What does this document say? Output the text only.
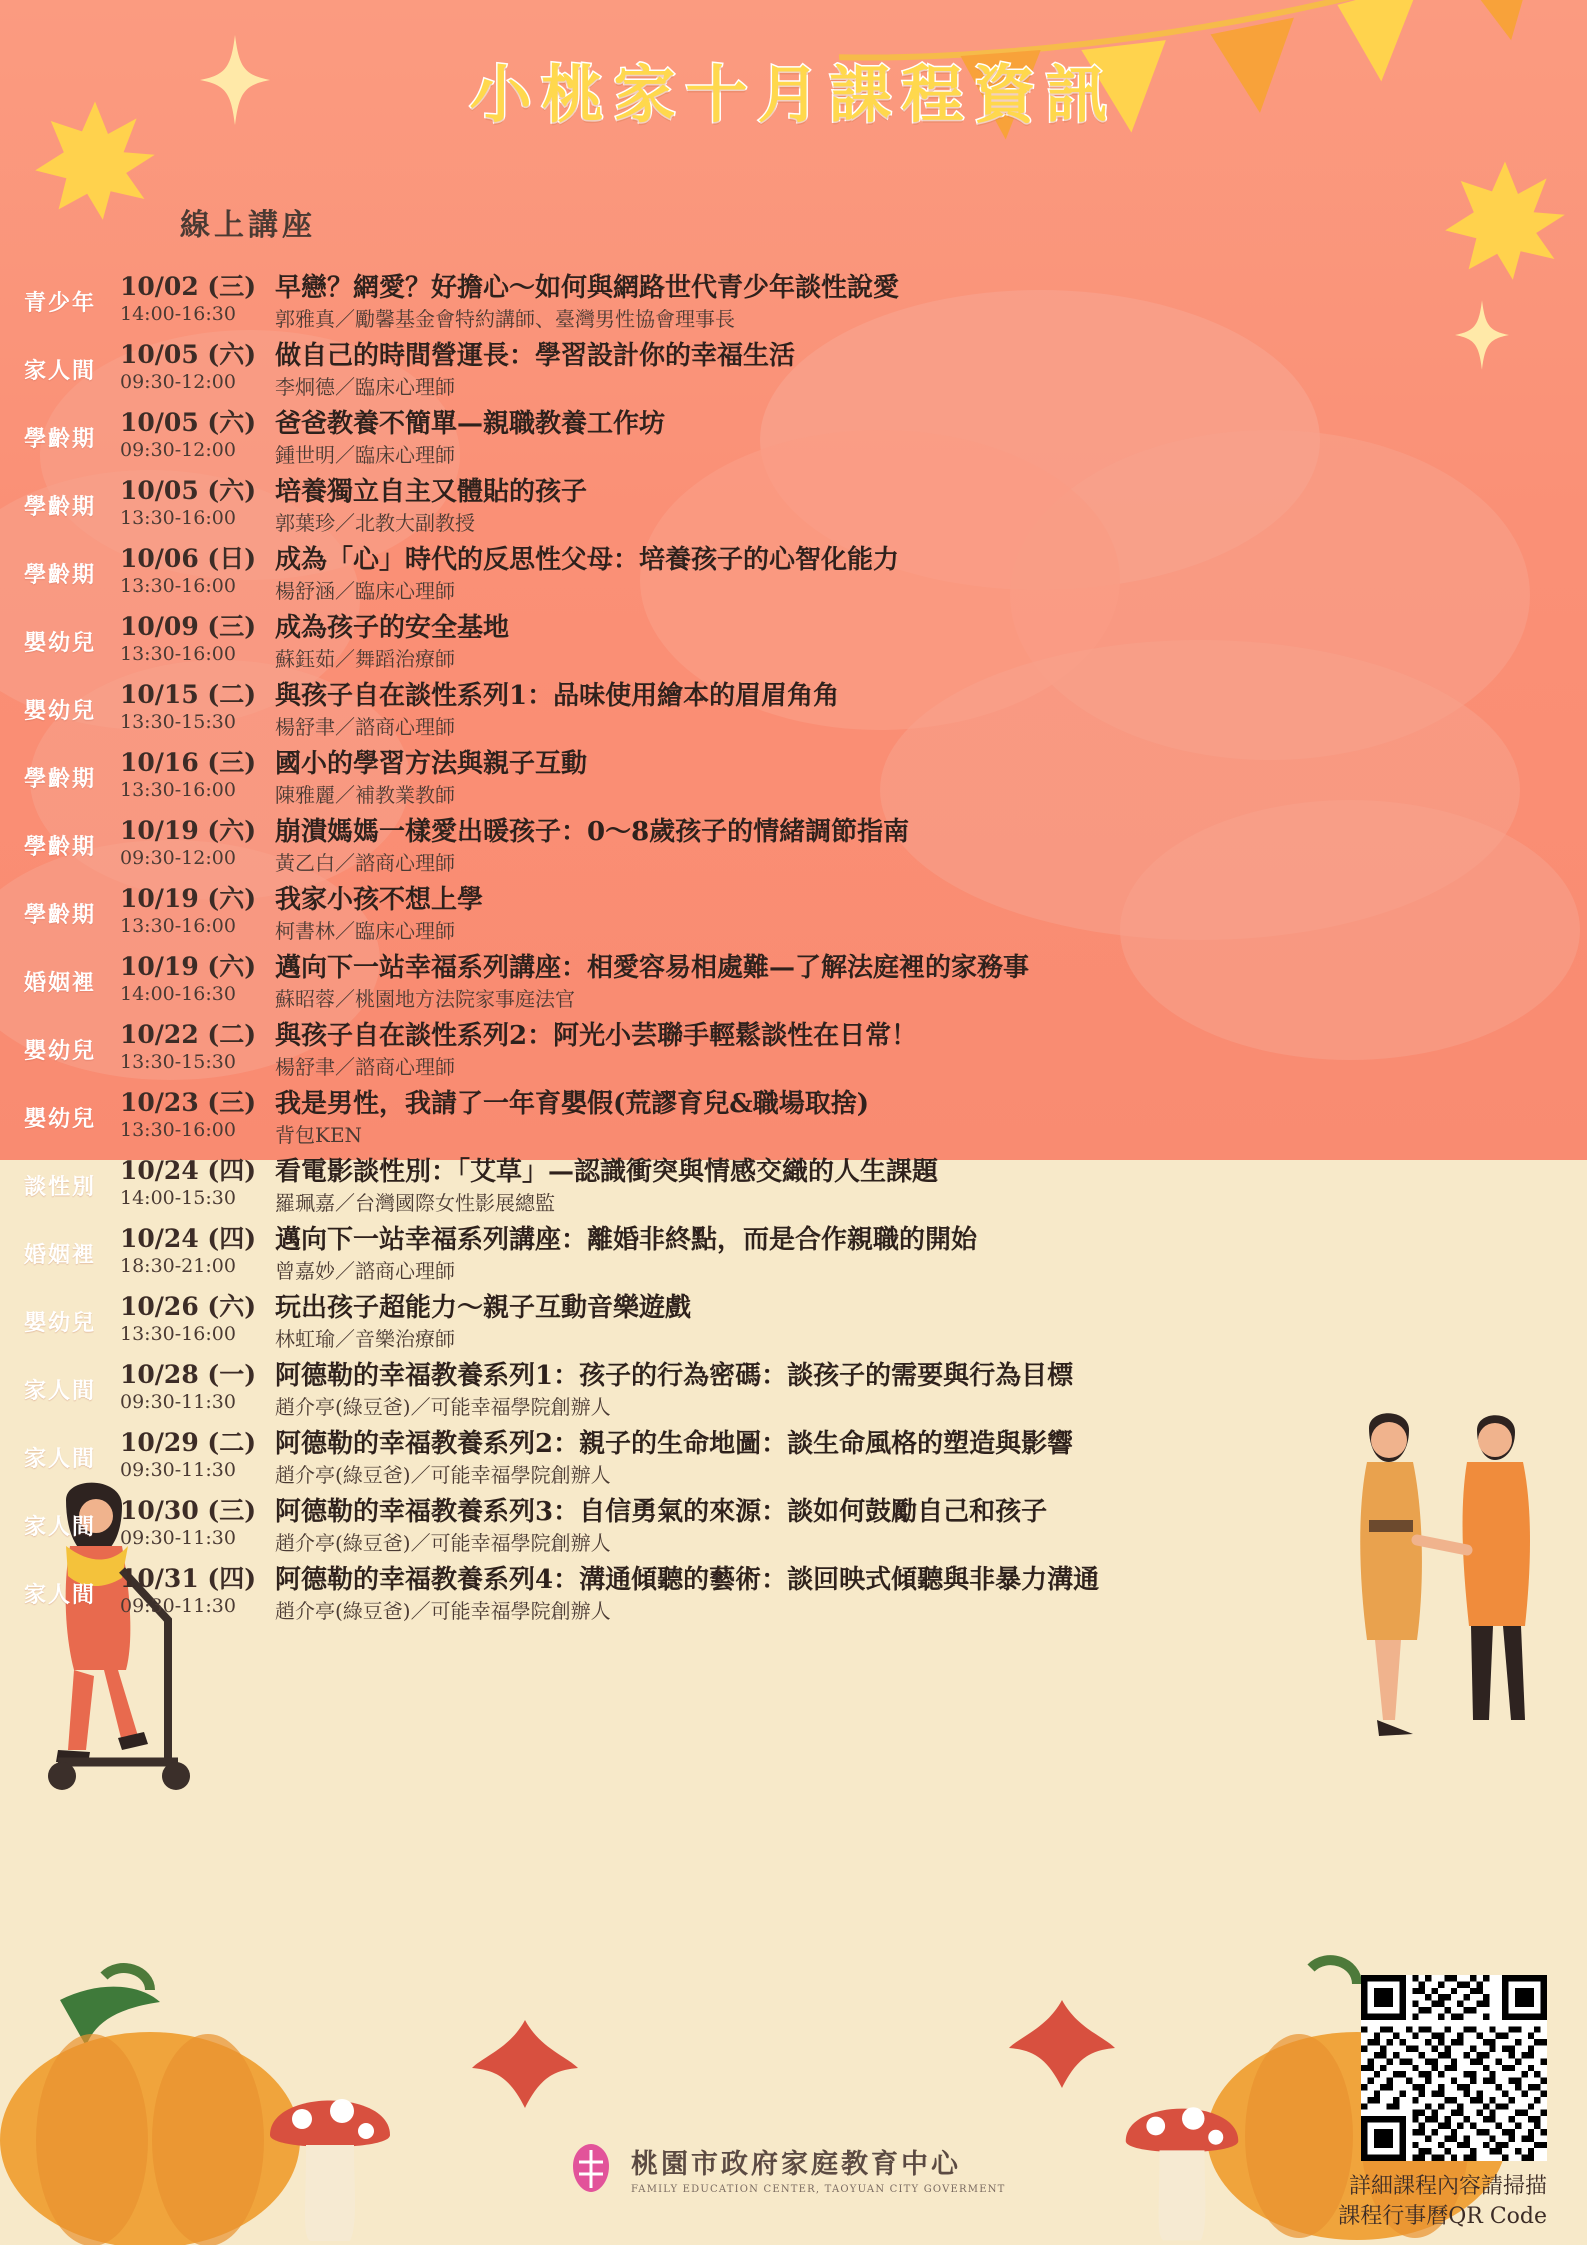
小桃家十月課程資訊
線上講座
青少年
10/02 (三)
14:00-16:30
早戀？網愛？好擔心～如何與網路世代青少年談性說愛
郭雅真／勵馨基金會特約講師、臺灣男性協會理事長
家人間
10/05 (六)
09:30-12:00
做自己的時間營運長：學習設計你的幸福生活
李炯德／臨床心理師
學齡期
10/05 (六)
09:30-12:00
爸爸教養不簡單—親職教養工作坊
鍾世明／臨床心理師
學齡期
10/05 (六)
13:30-16:00
培養獨立自主又體貼的孩子
郭葉珍／北教大副教授
學齡期
10/06 (日)
13:30-16:00
成為「心」時代的反思性父母：培養孩子的心智化能力
楊舒涵／臨床心理師
嬰幼兒
10/09 (三)
13:30-16:00
成為孩子的安全基地
蘇鈺茹／舞蹈治療師
嬰幼兒
10/15 (二)
13:30-15:30
與孩子自在談性系列1：品味使用繪本的眉眉角角
楊舒聿／諮商心理師
學齡期
10/16 (三)
13:30-16:00
國小的學習方法與親子互動
陳雅麗／補教業教師
學齡期
10/19 (六)
09:30-12:00
崩潰媽媽一樣愛出暖孩子：0～8歲孩子的情緒調節指南
黃乙白／諮商心理師
學齡期
10/19 (六)
13:30-16:00
我家小孩不想上學
柯書林／臨床心理師
婚姻裡
10/19 (六)
14:00-16:30
邁向下一站幸福系列講座：相愛容易相處難—了解法庭裡的家務事
蘇昭蓉／桃園地方法院家事庭法官
嬰幼兒
10/22 (二)
13:30-15:30
與孩子自在談性系列2：阿光小芸聯手輕鬆談性在日常！
楊舒聿／諮商心理師
嬰幼兒
10/23 (三)
13:30-16:00
我是男性，我請了一年育嬰假(荒謬育兒&職場取捨)
背包KEN
談性別
10/24 (四)
14:00-15:30
看電影談性別：「艾草」—認識衝突與情感交織的人生課題
羅珮嘉／台灣國際女性影展總監
婚姻裡
10/24 (四)
18:30-21:00
邁向下一站幸福系列講座：離婚非終點，而是合作親職的開始
曾嘉妙／諮商心理師
嬰幼兒
10/26 (六)
13:30-16:00
玩出孩子超能力～親子互動音樂遊戲
林虹瑜／音樂治療師
家人間
10/28 (一)
09:30-11:30
阿德勒的幸福教養系列1：孩子的行為密碼：談孩子的需要與行為目標
趙介亭(綠豆爸)／可能幸福學院創辦人
家人間
10/29 (二)
09:30-11:30
阿德勒的幸福教養系列2：親子的生命地圖：談生命風格的塑造與影響
趙介亭(綠豆爸)／可能幸福學院創辦人
家人間
10/30 (三)
09:30-11:30
阿德勒的幸福教養系列3：自信勇氣的來源：談如何鼓勵自己和孩子
趙介亭(綠豆爸)／可能幸福學院創辦人
家人間
10/31 (四)
09:30-11:30
阿德勒的幸福教養系列4：溝通傾聽的藝術：談回映式傾聽與非暴力溝通
趙介亭(綠豆爸)／可能幸福學院創辦人
桃園市政府家庭教育中心
FAMILY EDUCATION CENTER, TAOYUAN CITY GOVERMENT	詳細課程內容請掃描
課程行事曆QR Code
